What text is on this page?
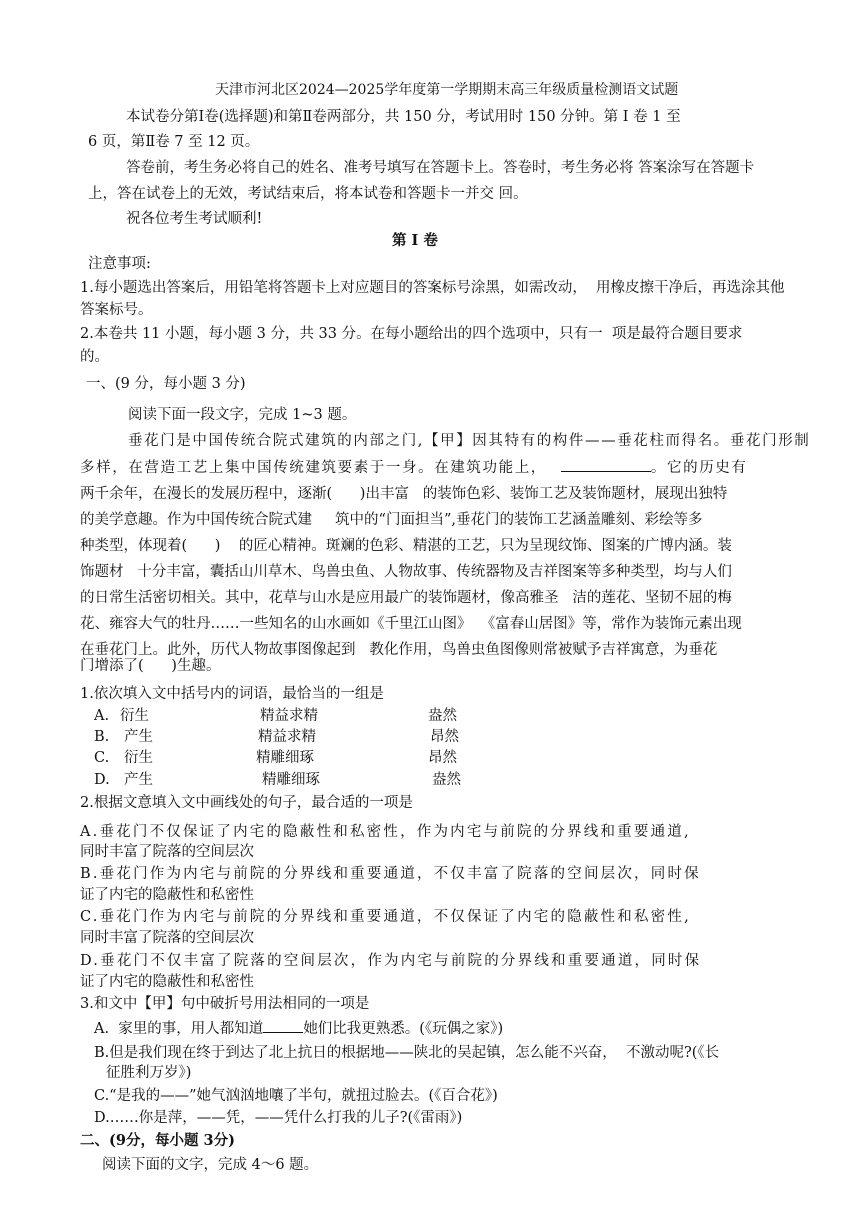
天津市河北区2024—2025学年度第一学期期末高三年级质量检测语文试题
本试卷分第Ⅰ卷(选择题)和第Ⅱ卷两部分，共 150 分，考试用时 150 分钟。第 Ⅰ 卷 1 至
6 页，第Ⅱ卷 7 至 12 页。
答卷前，考生务必将自己的姓名、准考号填写在答题卡上。答卷时，考生务必将 答案涂写在答题卡
上，答在试卷上的无效，考试结束后，将本试卷和答题卡一并交 回。
祝各位考生考试顺利!
第 Ⅰ 卷
注意事项:
1.每小题选出答案后，用铅笔将答题卡上对应题目的答案标号涂黑，如需改动，  用橡皮擦干净后，再选涂其他
答案标号。
2.本卷共 11 小题，每小题 3 分，共 33 分。在每小题给出的四个选项中，只有一  项是最符合题目要求
的。
一、(9 分，每小题 3 分)
阅读下面一段文字，完成 1~3 题。
垂花门是中国传统合院式建筑的内部之门,【甲】因其特有的构件——垂花柱而得名。垂花门形制
多样，在营造工艺上集中国传统建筑要素于一身。在建筑功能上，	。它的历史有
两千余年，在漫长的发展历程中，逐渐(      )出丰富   的装饰色彩、装饰工艺及装饰题材，展现出独特
的美学意趣。作为中国传统合院式建     筑中的“门面担当”,垂花门的装饰工艺涵盖雕刻、彩绘等多
种类型，体现着(      )    的匠心精神。斑斓的色彩、精湛的工艺，只为呈现纹饰、图案的广博内涵。装
饰题材   十分丰富，囊括山川草木、鸟兽虫鱼、人物故事、传统器物及吉祥图案等多种类型，均与人们
的日常生活密切相关。其中，花草与山水是应用最广的装饰题材，像高雅圣   洁的莲花、坚韧不屈的梅
花、雍容大气的牡丹……一些知名的山水画如《千里江山图》  《富春山居图》等，常作为装饰元素出现
在垂花门上。此外，历代人物故事图像起到   教化作用，鸟兽虫鱼图像则常被赋予吉祥寓意，为垂花
门增添了(      )生趣。
1.依次填入文中括号内的词语，最恰当的一组是
A. 衍生	精益求精	盎然
B. 产生	精益求精	昂然
C. 衍生	精雕细琢	昂然
D. 产生	精雕细琢	盎然
2.根据文意填入文中画线处的句子，最合适的一项是
A.垂花门不仅保证了内宅的隐蔽性和私密性，作为内宅与前院的分界线和重要通道,
同时丰富了院落的空间层次
B.垂花门作为内宅与前院的分界线和重要通道，不仅丰富了院落的空间层次，同时保
证了内宅的隐蔽性和私密性
C.垂花门作为内宅与前院的分界线和重要通道，不仅保证了内宅的隐蔽性和私密性,
同时丰富了院落的空间层次
D.垂花门不仅丰富了院落的空间层次，作为内宅与前院的分界线和重要通道，同时保
证了内宅的隐蔽性和私密性
3.和文中【甲】句中破折号用法相同的一项是
A.  家里的事，用人都知道	她们比我更熟悉。(《玩偶之家》)
B.但是我们现在终于到达了北上抗日的根据地——陕北的吴起镇，怎么能不兴奋，  不激动呢?(《长
征胜利万岁》)
C.“是我的——”她气汹汹地嚷了半句，就扭过脸去。(《百合花》)
D.……你是萍，——凭，——凭什么打我的儿子?(《雷雨》)
二、(9分，每小题 3分)
阅读下面的文字，完成 4～6 题。
